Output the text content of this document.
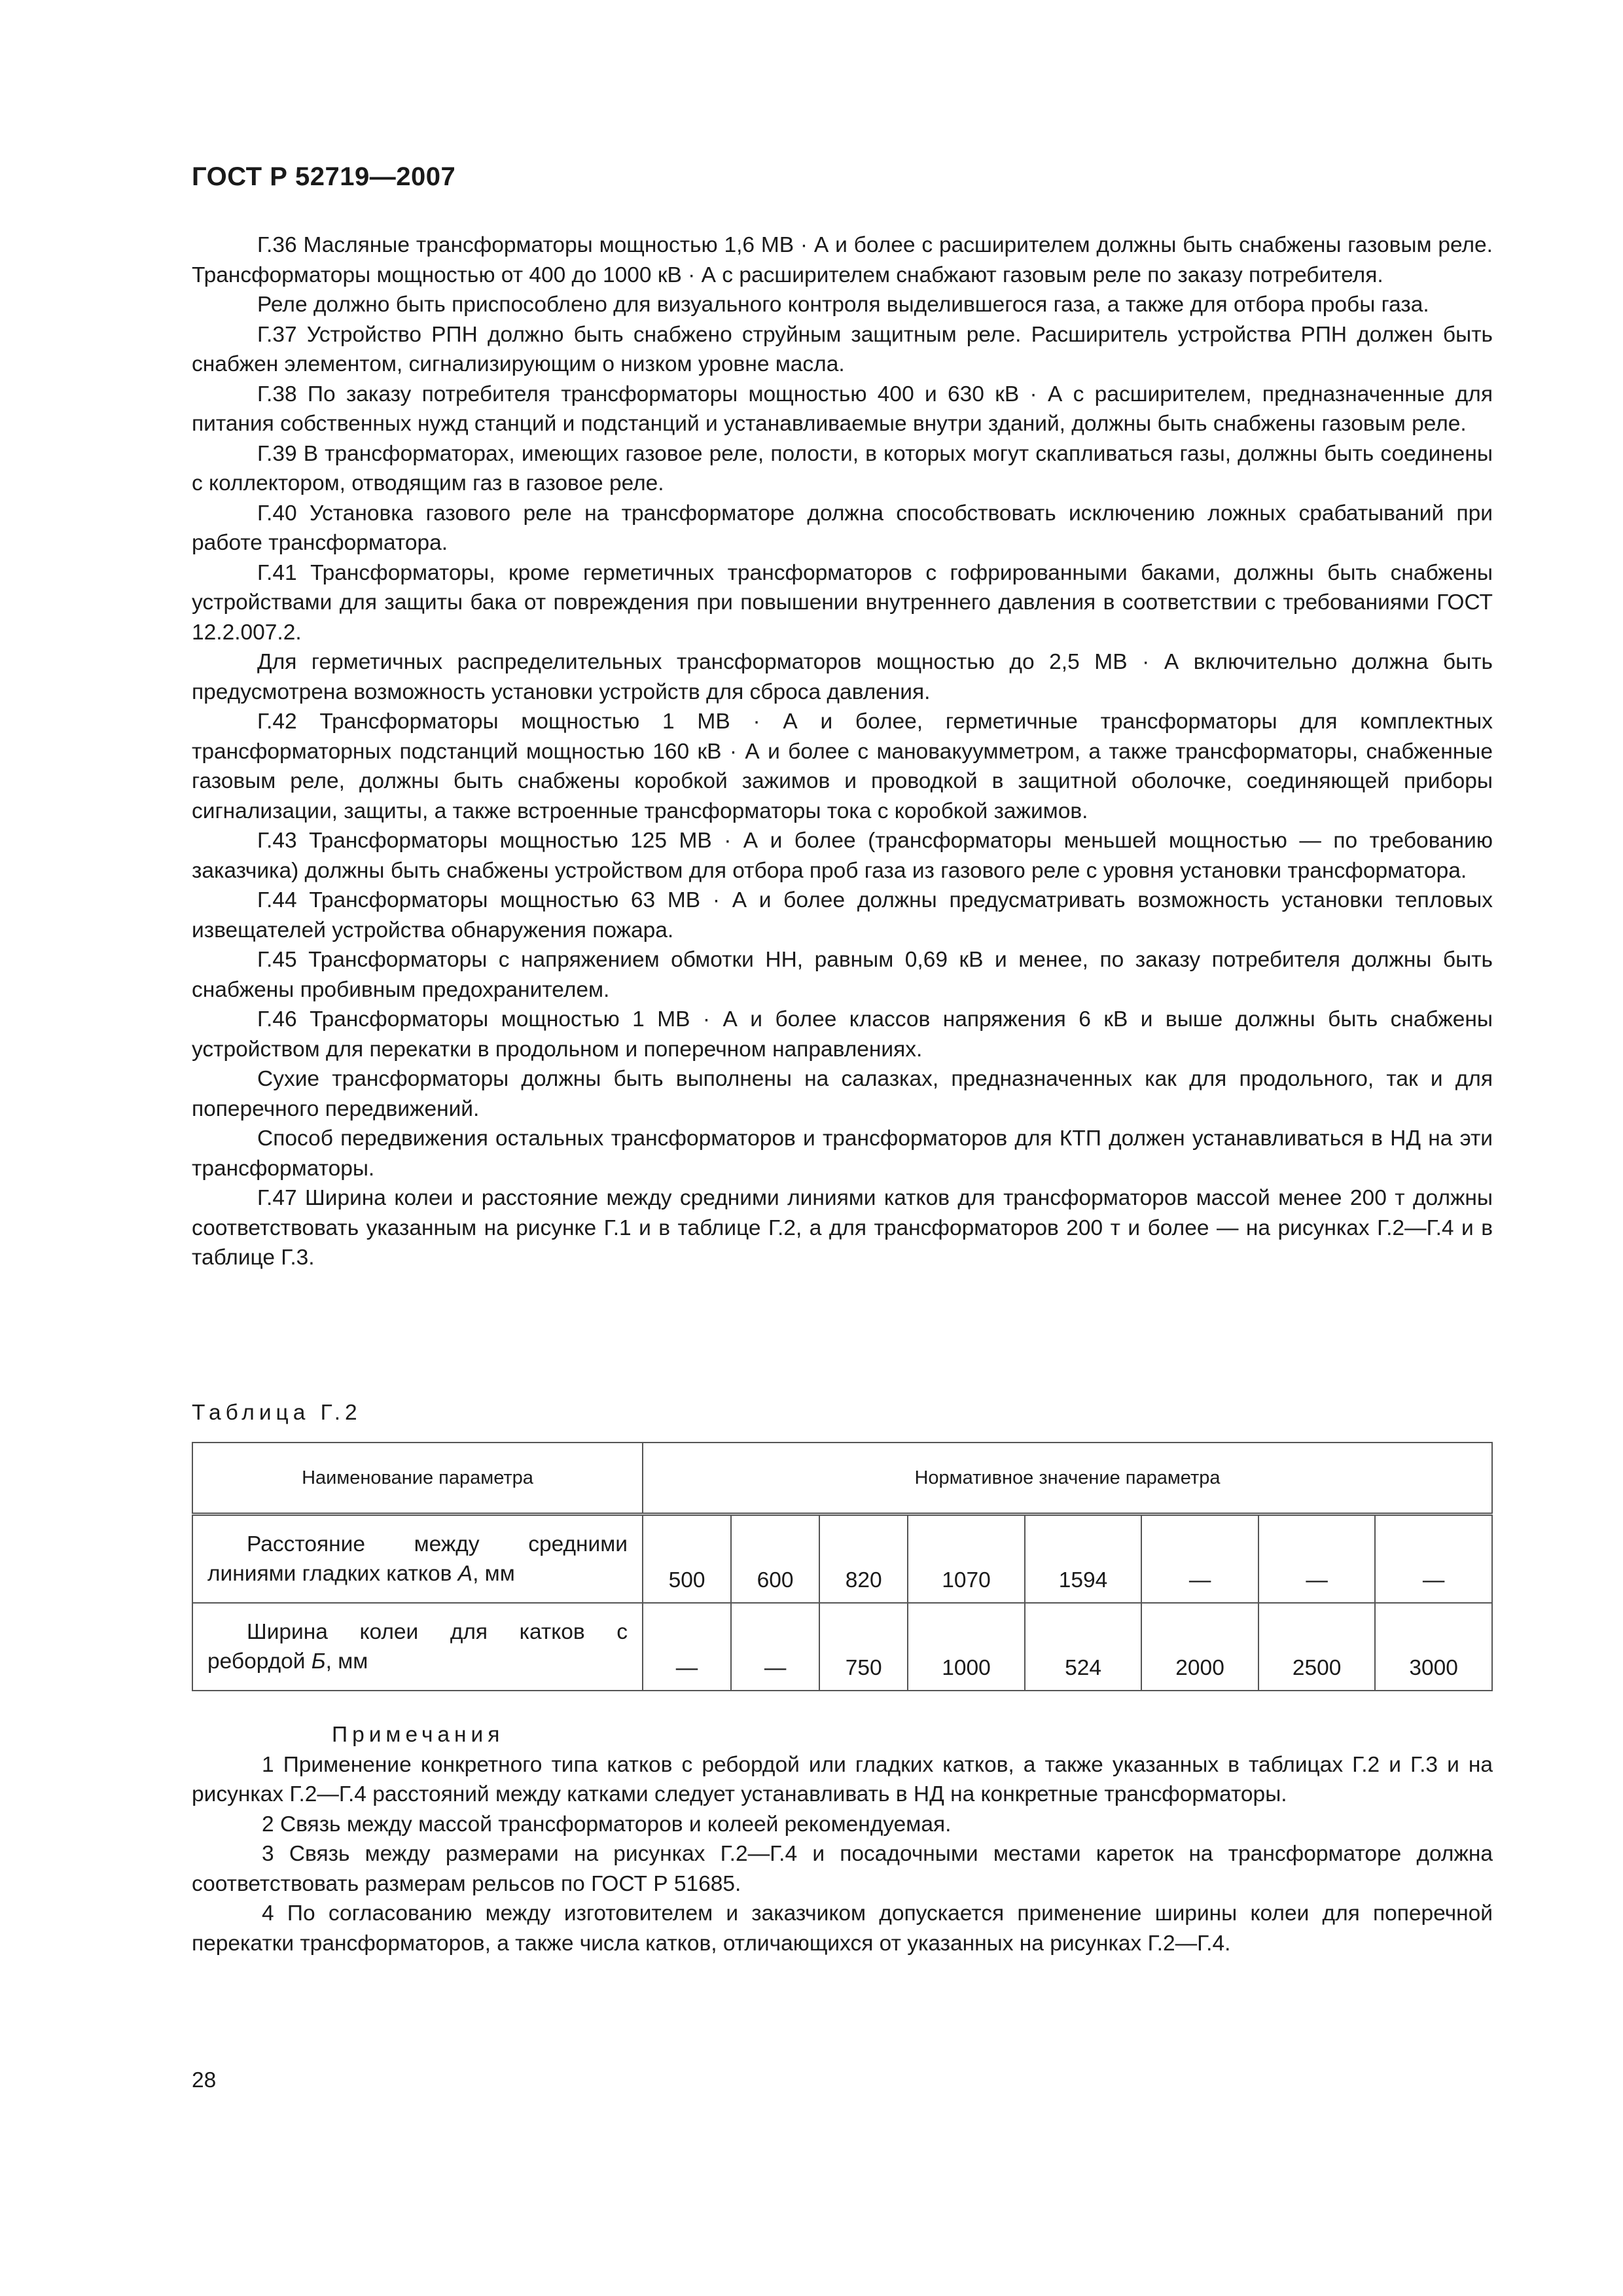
ГОСТ Р 52719—2007

Г.36 Масляные трансформаторы мощностью 1,6 МВ · А и более с расширителем должны быть снабжены газовым реле. Трансформаторы мощностью от 400 до 1000 кВ · А с расширителем снабжают газовым реле по заказу потребителя.

Реле должно быть приспособлено для визуального контроля выделившегося газа, а также для отбора пробы газа.

Г.37 Устройство РПН должно быть снабжено струйным защитным реле. Расширитель устройства РПН должен быть снабжен элементом, сигнализирующим о низком уровне масла.

Г.38 По заказу потребителя трансформаторы мощностью 400 и 630 кВ · А с расширителем, предназначенные для питания собственных нужд станций и подстанций и устанавливаемые внутри зданий, должны быть снабжены газовым реле.

Г.39 В трансформаторах, имеющих газовое реле, полости, в которых могут скапливаться газы, должны быть соединены с коллектором, отводящим газ в газовое реле.

Г.40 Установка газового реле на трансформаторе должна способствовать исключению ложных срабатываний при работе трансформатора.

Г.41 Трансформаторы, кроме герметичных трансформаторов с гофрированными баками, должны быть снабжены устройствами для защиты бака от повреждения при повышении внутреннего давления в соответствии с требованиями ГОСТ 12.2.007.2.

Для герметичных распределительных трансформаторов мощностью до 2,5 МВ · А включительно должна быть предусмотрена возможность установки устройств для сброса давления.

Г.42 Трансформаторы мощностью 1 МВ · А и более, герметичные трансформаторы для комплектных трансформаторных подстанций мощностью 160 кВ · А и более с мановакуумметром, а также трансформаторы, снабженные газовым реле, должны быть снабжены коробкой зажимов и проводкой в защитной оболочке, соединяющей приборы сигнализации, защиты, а также встроенные трансформаторы тока с коробкой зажимов.

Г.43 Трансформаторы мощностью 125 МВ · А и более (трансформаторы меньшей мощностью — по требованию заказчика) должны быть снабжены устройством для отбора проб газа из газового реле с уровня установки трансформатора.

Г.44 Трансформаторы мощностью 63 МВ · А и более должны предусматривать возможность установки тепловых извещателей устройства обнаружения пожара.

Г.45 Трансформаторы с напряжением обмотки НН, равным 0,69 кВ и менее, по заказу потребителя должны быть снабжены пробивным предохранителем.

Г.46 Трансформаторы мощностью 1 МВ · А и более классов напряжения 6 кВ и выше должны быть снабжены устройством для перекатки в продольном и поперечном направлениях.

Сухие трансформаторы должны быть выполнены на салазках, предназначенных как для продольного, так и для поперечного передвижений.

Способ передвижения остальных трансформаторов и трансформаторов для КТП должен устанавливаться в НД на эти трансформаторы.

Г.47 Ширина колеи и расстояние между средними линиями катков для трансформаторов массой менее 200 т должны соответствовать указанным на рисунке Г.1 и в таблице Г.2, а для трансформаторов 200 т и более — на рисунках Г.2—Г.4 и в таблице Г.3.

Таблица Г.2
Наименование параметра	Нормативное значение параметра							

Расстояние между средними линиями гладких катков А, мм	500	600	820	1070	1594	—	—	—

Ширина колеи для катков с ребордой Б, мм	—	—	750	1000	524	2000	2500	3000

Примечания

1 Применение конкретного типа катков с ребордой или гладких катков, а также указанных в таблицах Г.2 и Г.3 и на рисунках Г.2—Г.4 расстояний между катками следует устанавливать в НД на конкретные трансформаторы.

2 Связь между массой трансформаторов и колеей рекомендуемая.

3 Связь между размерами на рисунках Г.2—Г.4 и посадочными местами кареток на трансформаторе должна соответствовать размерам рельсов по ГОСТ Р 51685.

4 По согласованию между изготовителем и заказчиком допускается применение ширины колеи для поперечной перекатки трансформаторов, а также числа катков, отличающихся от указанных на рисунках Г.2—Г.4.

28
